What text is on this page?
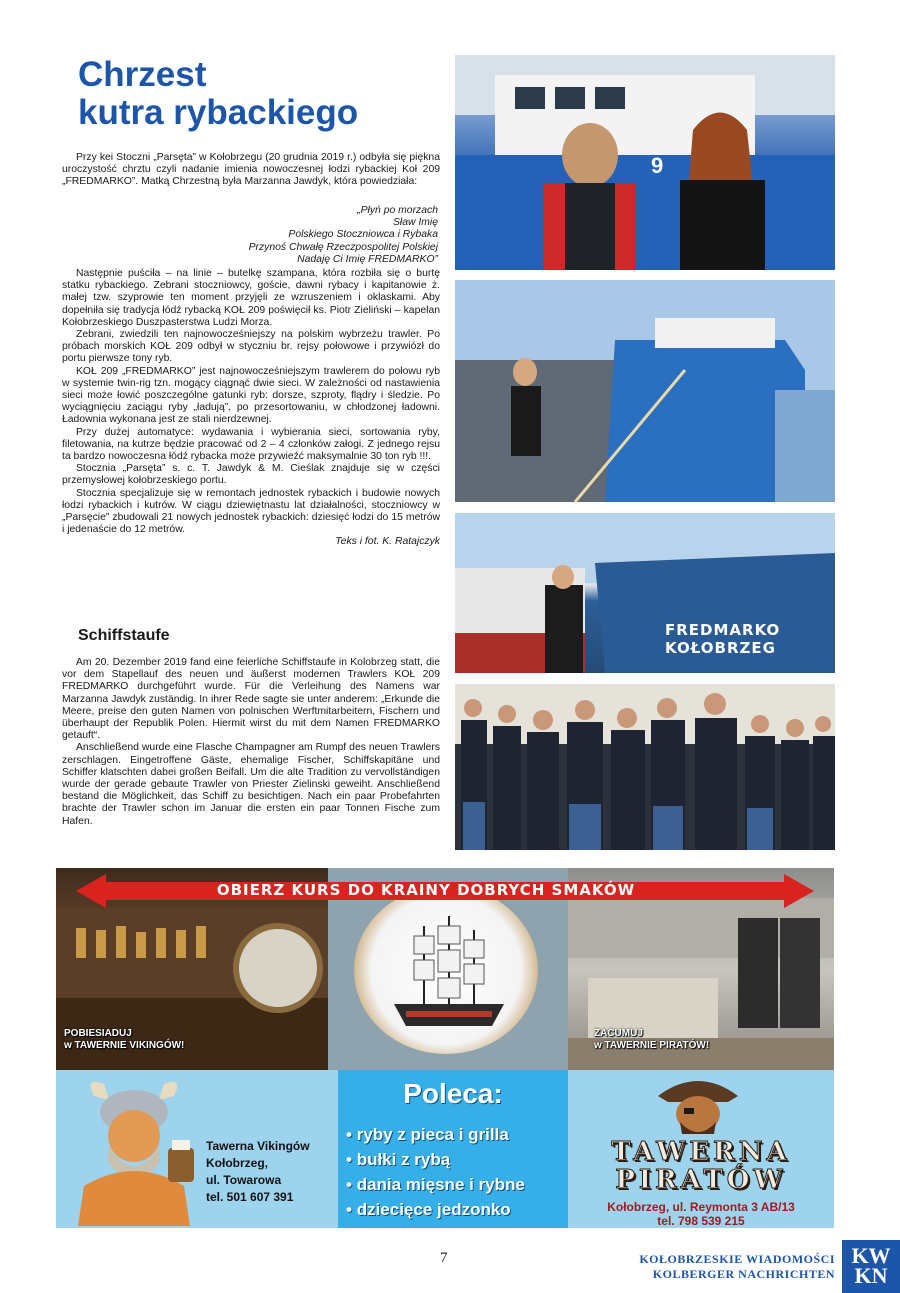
Chrzest
kutra rybackiego

Przy kei Stoczni „Parsęta” w Kołobrzegu (20 grudnia 2019 r.) odbyła się piękna uroczystość chrztu czyli nadanie imienia nowoczesnej łodzi rybackiej Koł 209 „FREDMARKO”. Matką Chrzestną była Marzanna Jawdyk, która powiedziała:

„Płyń po morzach
Sław Imię
Polskiego Stoczniowca i Rybaka
Przynoś Chwałę Rzeczpospolitej Polskiej
Nadaję Ci Imię FREDMARKO”

Następnie puściła – na linie – butelkę szampana, która rozbiła się o burtę statku rybackiego. Zebrani stoczniowcy, goście, dawni rybacy i kapitanowie ż. małej tzw. szyprowie ten moment przyjęli ze wzruszeniem i oklaskami. Aby dopełniła się tradycja łódź rybacką KOŁ 209 poświęcił ks. Piotr Zieliński – kapelan Kołobrzeskiego Duszpasterstwa Ludzi Morza.

Zebrani, zwiedzili ten najnowocześniejszy na polskim wybrzeżu trawler. Po próbach morskich KOŁ 209 odbył w styczniu br. rejsy połowowe i przywiózł do portu pierwsze tony ryb.

KOŁ 209 „FREDMARKO” jest najnowocześniejszym trawlerem do połowu ryb w systemie twin-rig tzn. mogący ciągnąć dwie sieci. W zależności od nastawienia sieci może łowić poszczególne gatunki ryb: dorsze, szproty, flądry i śledzie. Po wyciągnięciu zaciągu ryby „ładują”, po przesortowaniu, w chłodzonej ładowni. Ładownia wykonana jest ze stali nierdzewnej.

Przy dużej automatyce: wydawania i wybierania sieci, sortowania ryby, filetowania, na kutrze będzie pracować od 2 – 4 członków załogi. Z jednego rejsu ta bardzo nowoczesna łódź rybacka może przywieźć maksymalnie 30 ton ryb !!!.

Stocznia „Parsęta” s. c. T. Jawdyk & M. Cieślak znajduje się w części przemysłowej kołobrzeskiego portu.

Stocznia specjalizuje się w remontach jednostek rybackich i budowie nowych łodzi rybackich i kutrów. W ciągu dziewiętnastu lat działalności, stoczniowcy w „Parsęcie” zbudowali 21 nowych jednostek rybackich: dziesięć łodzi do 15 metrów i jedenaście do 12 metrów.

Teks i fot. K. Ratajczyk
Schiffstaufe

Am 20. Dezember 2019 fand eine feierliche Schiffstaufe in Kolobrzeg statt, die vor dem Stapellauf des neuen und äußerst modernen Trawlers KOŁ 209 FREDMARKO durchgeführt wurde. Für die Verleihung des Namens war Marzanna Jawdyk zuständig. In ihrer Rede sagte sie unter anderem: „Erkunde die Meere, preise den guten Namen von polnischen Werftmitarbeitern, Fischern und überhaupt der Republik Polen. Hiermit wirst du mit dem Namen FREDMARKO getauft“.

Anschließend wurde eine Flasche Champagner am Rumpf des neuen Trawlers zerschlagen. Eingetroffene Gäste, ehemalige Fischer, Schiffskapitäne und Schiffer klatschten dabei großen Beifall. Um die alte Tradition zu vervollständigen wurde der gerade gebaute Trawler von Priester Zielinski geweiht. Anschließend bestand die Möglichkeit, das Schiff zu besichtigen. Nach ein paar Probefahrten brachte der Trawler schon im Januar die ersten ein paar Tonnen Fische zum Hafen.

9
FREDMARKO
KOŁOBRZEG
POBIESIADUJ
w TAWERNIE VIKINGÓW!
ZACUMUJ
w TAWERNIE PIRATÓW!
OBIERZ KURS DO KRAINY DOBRYCH SMAKÓW
Tawerna Vikingów
Kołobrzeg,
ul. Towarowa
tel. 501 607 391
Poleca:
• ryby z pieca i grilla
• bułki z rybą
• dania mięsne i rybne
• dziecięce jedzonko
TAWERNA
PIRATÓW
Kołobrzeg, ul. Reymonta 3 AB/13
tel. 798 539 215
7	KOŁOBRZESKIE WIADOMOŚCI
KOLBERGER NACHRICHTEN
KW
KN
